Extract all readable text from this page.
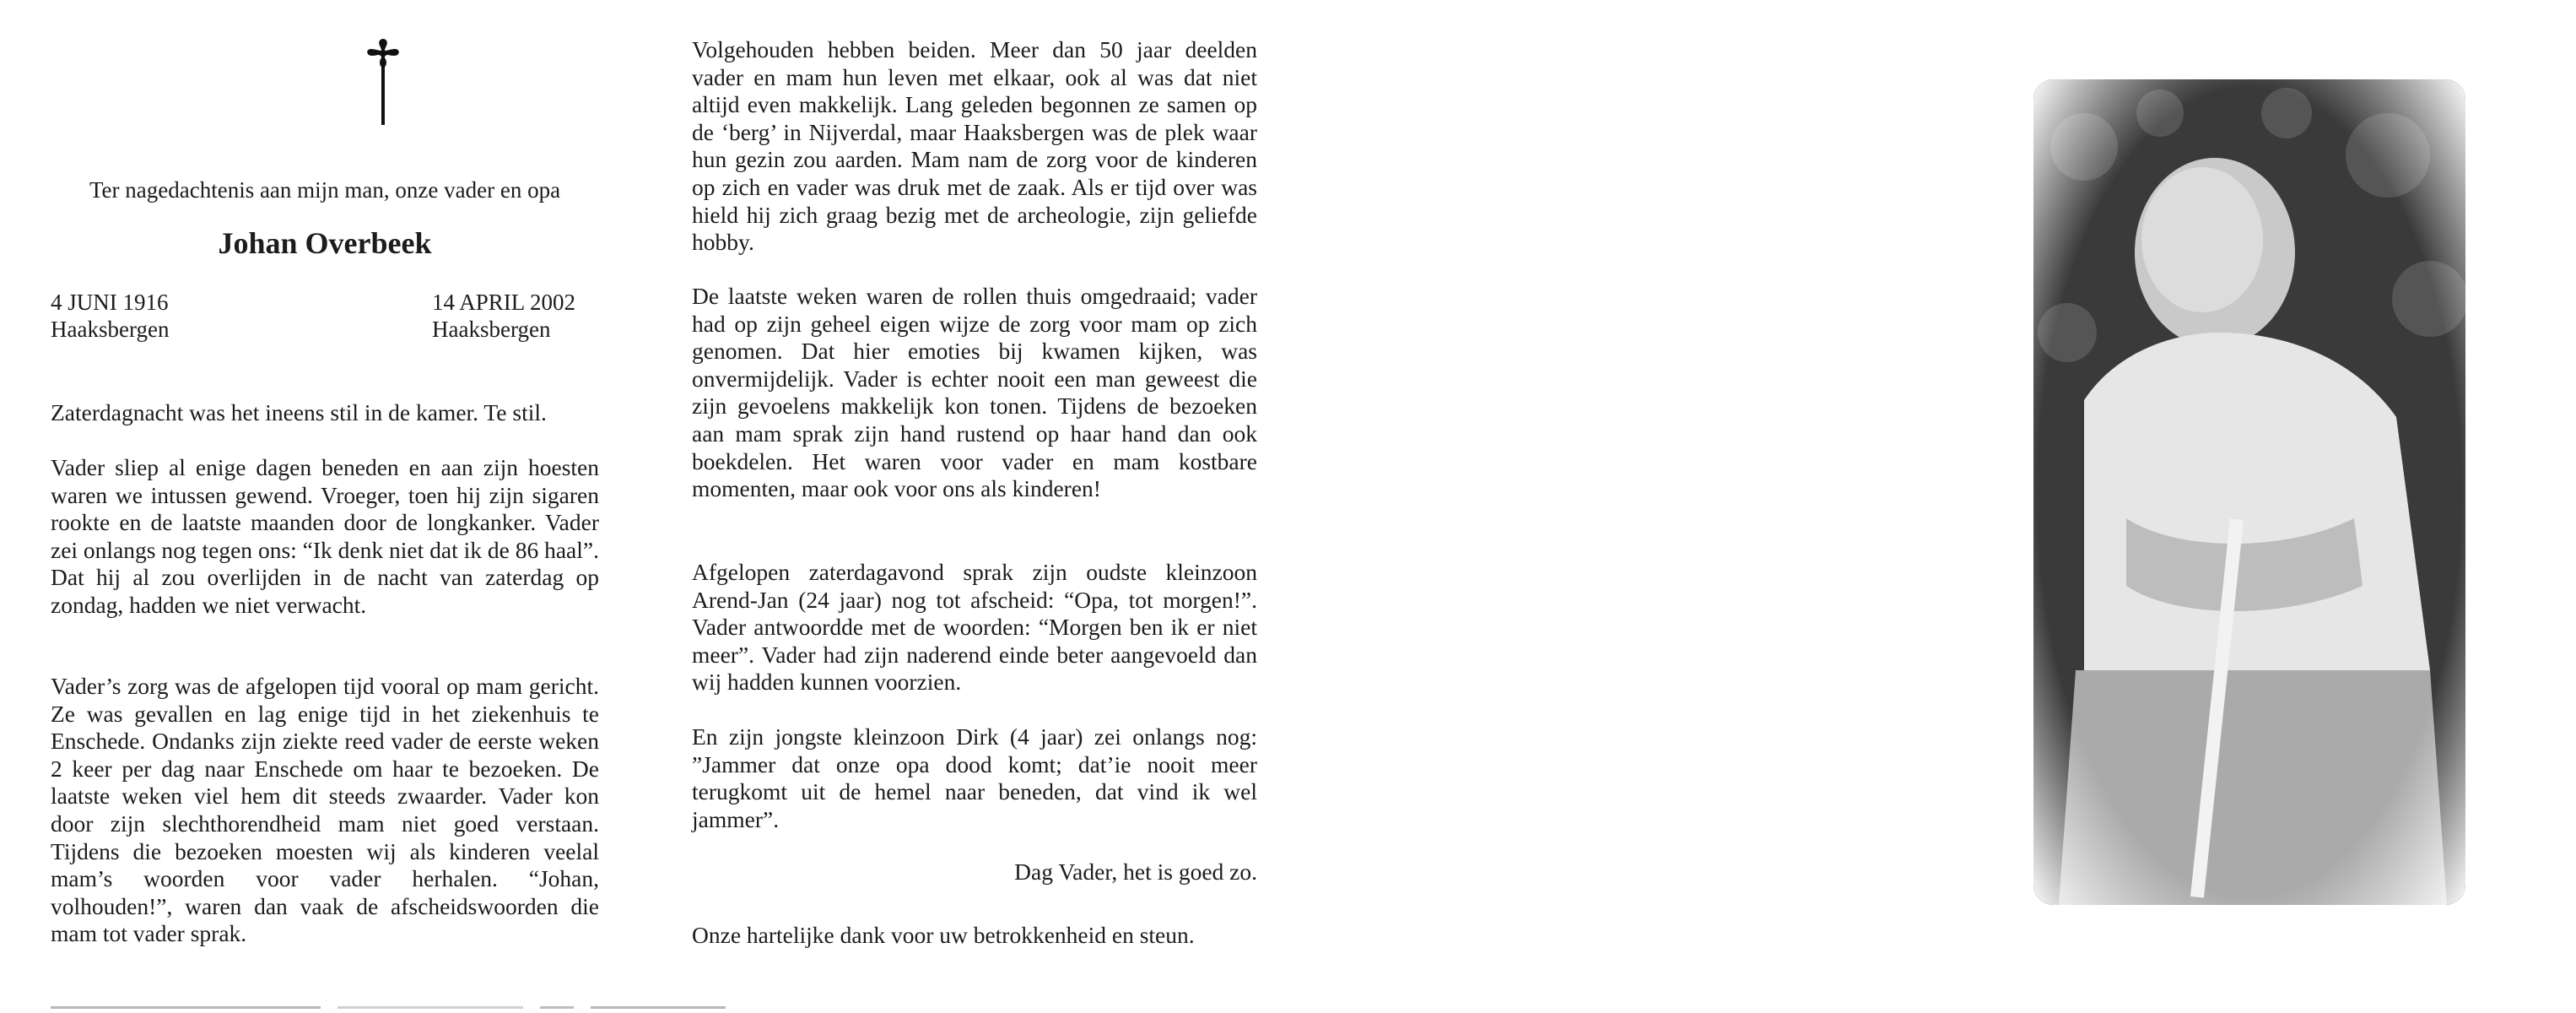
Ter nagedachtenis aan mijn man, onze vader en opa
Johan Overbeek
4 JUNI 1916
Haaksbergen
14 APRIL 2002
Haaksbergen

Zaterdagnacht was het ineens stil in de kamer. Te stil.

Vader sliep al enige dagen beneden en aan zijn hoesten waren we intussen gewend. Vroeger, toen hij zijn sigaren rookte en de laatste maanden door de longkanker. Vader zei onlangs nog tegen ons: “Ik denk niet dat ik de 86 haal”. Dat hij al zou overlijden in de nacht van zaterdag op zondag, hadden we niet verwacht.

Vader’s zorg was de afgelopen tijd vooral op mam gericht. Ze was gevallen en lag enige tijd in het ziekenhuis te Enschede. Ondanks zijn ziekte reed vader de eerste weken 2 keer per dag naar Enschede om haar te bezoeken. De laatste weken viel hem dit steeds zwaarder. Vader kon door zijn slechthorendheid mam niet goed verstaan. Tijdens die bezoeken moesten wij als kinderen veelal mam’s woorden voor vader herhalen. “Johan, volhouden!”, waren dan vaak de afscheidswoorden die mam tot vader sprak.

Volgehouden hebben beiden. Meer dan 50 jaar deelden vader en mam hun leven met elkaar, ook al was dat niet altijd even makkelijk. Lang geleden begonnen ze samen op de ‘berg’ in Nijverdal, maar Haaksbergen was de plek waar hun gezin zou aarden. Mam nam de zorg voor de kinderen op zich en vader was druk met de zaak. Als er tijd over was hield hij zich graag bezig met de archeologie, zijn geliefde hobby.

De laatste weken waren de rollen thuis omgedraaid; vader had op zijn geheel eigen wijze de zorg voor mam op zich genomen. Dat hier emoties bij kwamen kijken, was onvermijdelijk. Vader is echter nooit een man geweest die zijn gevoelens makkelijk kon tonen. Tijdens de bezoeken aan mam sprak zijn hand rustend op haar hand dan ook boekdelen. Het waren voor vader en mam kostbare momenten, maar ook voor ons als kinderen!

Afgelopen zaterdagavond sprak zijn oudste kleinzoon Arend-Jan (24 jaar) nog tot afscheid: “Opa, tot morgen!”. Vader antwoordde met de woorden: “Morgen ben ik er niet meer”. Vader had zijn naderend einde beter aangevoeld dan wij hadden kunnen voorzien.

En zijn jongste kleinzoon Dirk (4 jaar) zei onlangs nog: ”Jammer dat onze opa dood komt; dat’ie nooit meer terugkomt uit de hemel naar beneden, dat vind ik wel jammer”.

Dag Vader, het is goed zo.

Onze hartelijke dank voor uw betrokkenheid en steun.
